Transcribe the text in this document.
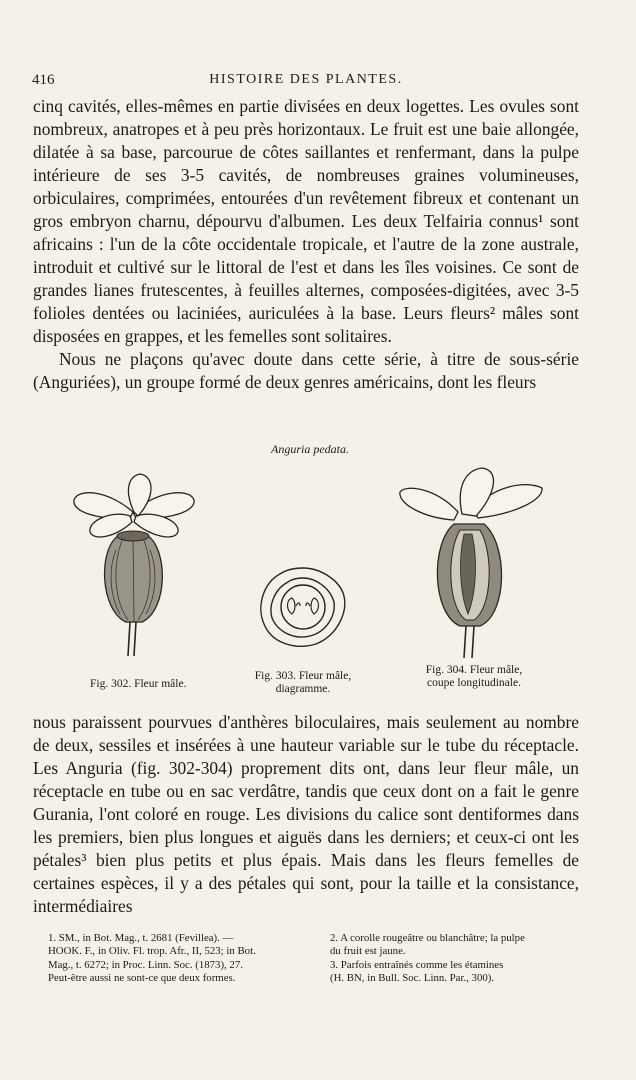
416	HISTOIRE DES PLANTES.

cinq cavités, elles-mêmes en partie divisées en deux logettes. Les ovules sont nombreux, anatropes et à peu près horizontaux. Le fruit est une baie allongée, dilatée à sa base, parcourue de côtes saillantes et renfermant, dans la pulpe intérieure de ses 3-5 cavités, de nombreuses graines volumineuses, orbiculaires, comprimées, entourées d'un revêtement fibreux et contenant un gros embryon charnu, dépourvu d'albumen. Les deux Telfairia connus¹ sont africains : l'un de la côte occidentale tropicale, et l'autre de la zone australe, introduit et cultivé sur le littoral de l'est et dans les îles voisines. Ce sont de grandes lianes frutescentes, à feuilles alternes, composées-digitées, avec 3-5 folioles dentées ou laciniées, auriculées à la base. Leurs fleurs² mâles sont disposées en grappes, et les femelles sont solitaires.

Nous ne plaçons qu'avec doute dans cette série, à titre de sous-série (Anguriées), un groupe formé de deux genres américains, dont les fleurs

Anguria pedata.
Fig. 302. Fleur mâle.
Fig. 303. Fleur mâle,
diagramme.
Fig. 304. Fleur mâle,
coupe longitudinale.

nous paraissent pourvues d'anthères biloculaires, mais seulement au nombre de deux, sessiles et insérées à une hauteur variable sur le tube du réceptacle. Les Anguria (fig. 302-304) proprement dits ont, dans leur fleur mâle, un réceptacle en tube ou en sac verdâtre, tandis que ceux dont on a fait le genre Gurania, l'ont coloré en rouge. Les divisions du calice sont dentiformes dans les premiers, bien plus longues et aiguës dans les derniers; et ceux-ci ont les pétales³ bien plus petits et plus épais. Mais dans les fleurs femelles de certaines espèces, il y a des pétales qui sont, pour la taille et la consistance, intermédiaires

1. SM., in Bot. Mag., t. 2681 (Fevillea). —
HOOK. F., in Oliv. Fl. trop. Afr., II, 523; in Bot.
Mag., t. 6272; in Proc. Linn. Soc. (1873), 27.
Peut-être aussi ne sont-ce que deux formes.
2. A corolle rougeâtre ou blanchâtre; la pulpe
du fruit est jaune.
3. Parfois entraînés comme les étamines
(H. BN, in Bull. Soc. Linn. Par., 300).
